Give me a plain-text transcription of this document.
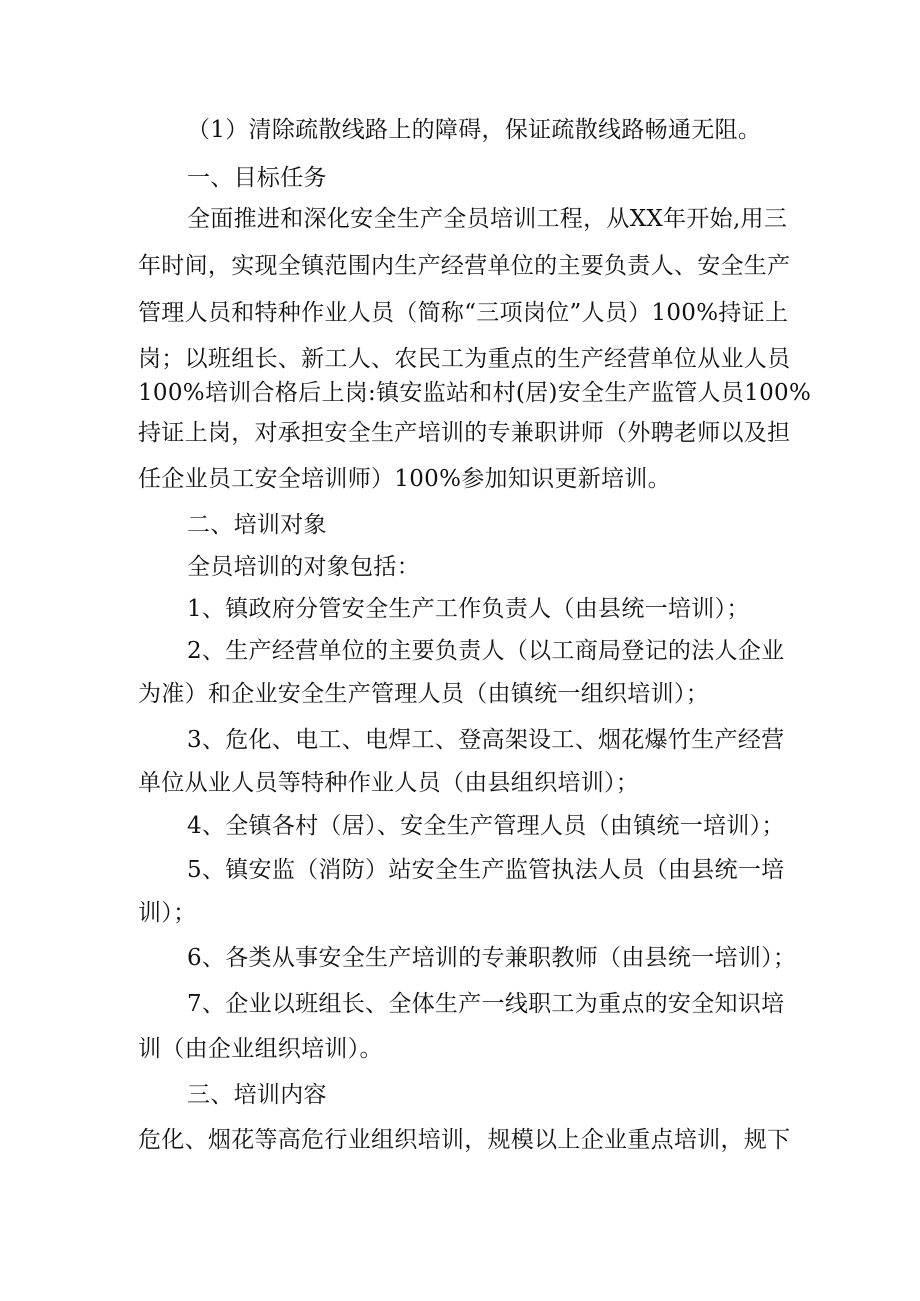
（1）清除疏散线路上的障碍，保证疏散线路畅通无阻。

一、目标任务

全面推进和深化安全生产全员培训工程，从XX年开始,用三

年时间，实现全镇范围内生产经营单位的主要负责人、安全生产

管理人员和特种作业人员（简称“三项岗位”人员）100%持证上

岗；以班组长、新工人、农民工为重点的生产经营单位从业人员

100%培训合格后上岗:镇安监站和村(居)安全生产监管人员100%

持证上岗，对承担安全生产培训的专兼职讲师（外聘老师以及担

任企业员工安全培训师）100%参加知识更新培训。

二、培训对象

全员培训的对象包括：

1、镇政府分管安全生产工作负责人（由县统一培训）；

2、生产经营单位的主要负责人（以工商局登记的法人企业

为准）和企业安全生产管理人员（由镇统一组织培训）；

3、危化、电工、电焊工、登高架设工、烟花爆竹生产经营

单位从业人员等特种作业人员（由县组织培训）；

4、全镇各村（居）、安全生产管理人员（由镇统一培训）；

5、镇安监（消防）站安全生产监管执法人员（由县统一培

训）；

6、各类从事安全生产培训的专兼职教师（由县统一培训）；

7、企业以班组长、全体生产一线职工为重点的安全知识培

训（由企业组织培训）。

三、培训内容

危化、烟花等高危行业组织培训，规模以上企业重点培训，规下
